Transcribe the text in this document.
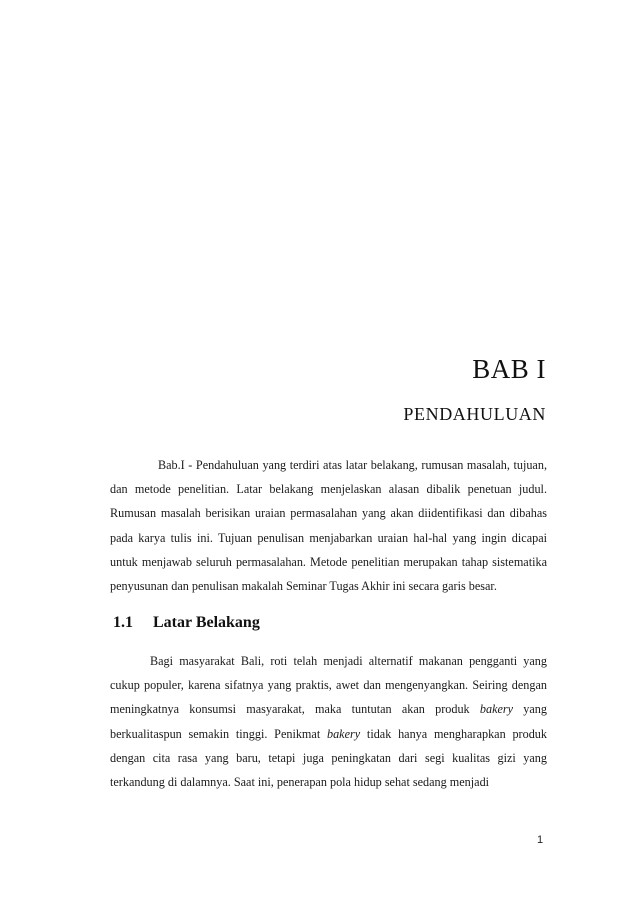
BAB I
PENDAHULUAN

Bab.I - Pendahuluan yang terdiri atas latar belakang, rumusan masalah, tujuan, dan metode penelitian. Latar belakang menjelaskan alasan dibalik penetuan judul. Rumusan masalah berisikan uraian permasalahan yang akan diidentifikasi dan dibahas pada karya tulis ini. Tujuan penulisan menjabarkan uraian hal-hal yang ingin dicapai untuk menjawab seluruh permasalahan. Metode penelitian merupakan tahap sistematika penyusunan dan penulisan makalah Seminar Tugas Akhir ini secara garis besar.

1.1 Latar Belakang

Bagi masyarakat Bali, roti telah menjadi alternatif makanan pengganti yang cukup populer, karena sifatnya yang praktis, awet dan mengenyangkan. Seiring dengan meningkatnya konsumsi masyarakat, maka tuntutan akan produk bakery yang berkualitaspun semakin tinggi. Penikmat bakery tidak hanya mengharapkan produk dengan cita rasa yang baru, tetapi juga peningkatan dari segi kualitas gizi yang terkandung di dalamnya. Saat ini, penerapan pola hidup sehat sedang menjadi

1
